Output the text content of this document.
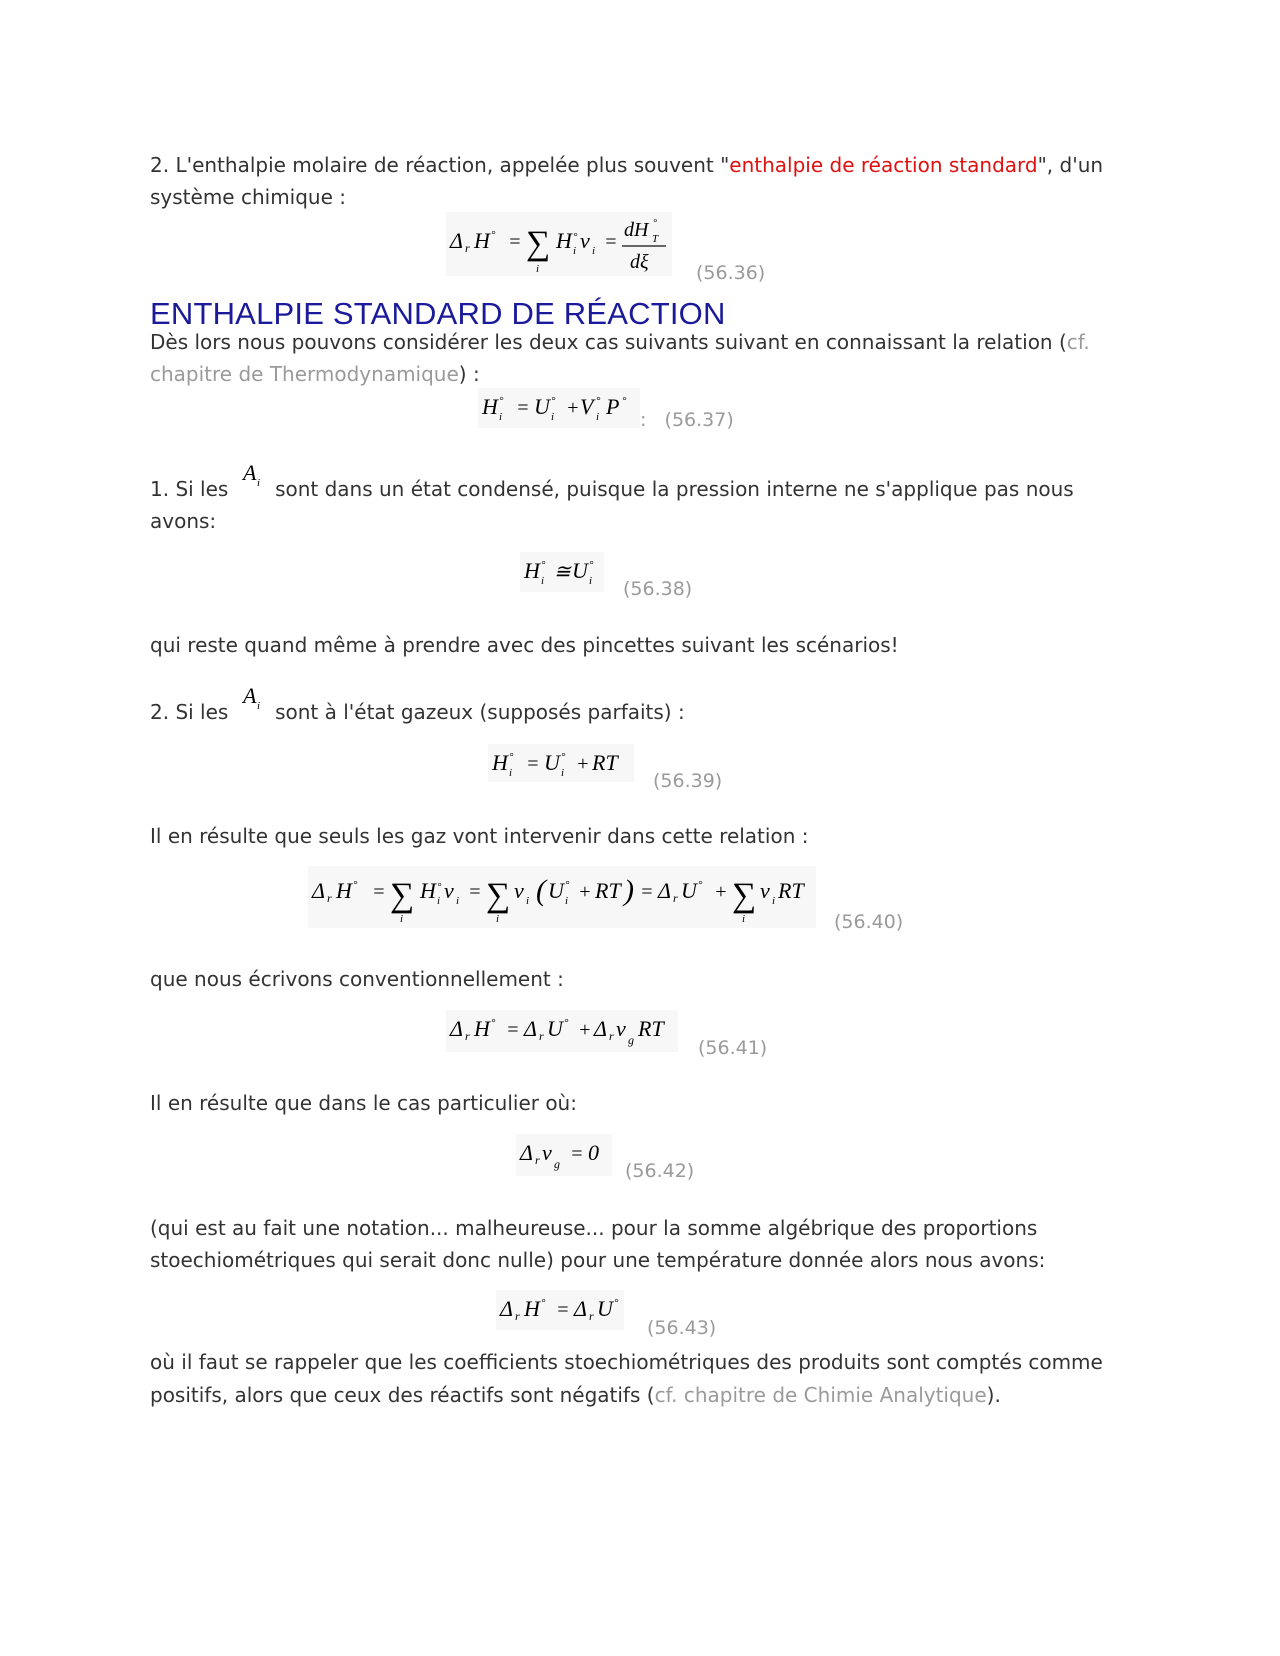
2. L'enthalpie molaire de réaction, appelée plus souvent "enthalpie de réaction standard", d'un
système chimique :
Δ r H ° = ∑
i
H °
i ν i =
dH °
T
dξ (56.36)
ENTHALPIE STANDARD DE RÉACTION
Dès lors nous pouvons considérer les deux cas suivants suivant en connaissant la relation (cf.
chapitre de Thermodynamique) :
H °
i = U °
i + V °
i P °
: (56.37)
1. Si les
A i sont dans un état condensé, puisque la pression interne ne s'applique pas nous
avons:
H °
i ≅ U °
i (56.38)
qui reste quand même à prendre avec des pincettes suivant les scénarios!
2. Si les
A i sont à l'état gazeux (supposés parfaits) :
H °
i = U °
i + RT
(56.39)
Il en résulte que seuls les gaz vont intervenir dans cette relation :
Δ r H ° = ∑
i
H °
i ν i = ∑
i
ν i ( U °
i + RT ) = Δ r U ° + ∑
i
ν i RT
(56.40)
que nous écrivons conventionnellement :
Δ r H ° = Δ r U ° + Δ r ν g RT
(56.41)
Il en résulte que dans le cas particulier où:
Δ r ν g = 0
(56.42)
(qui est au fait une notation... malheureuse... pour la somme algébrique des proportions
stoechiométriques qui serait donc nulle) pour une température donnée alors nous avons:
Δ r H ° = Δ r U °
(56.43)
où il faut se rappeler que les coefficients stoechiométriques des produits sont comptés comme
positifs, alors que ceux des réactifs sont négatifs (cf. chapitre de Chimie Analytique).
